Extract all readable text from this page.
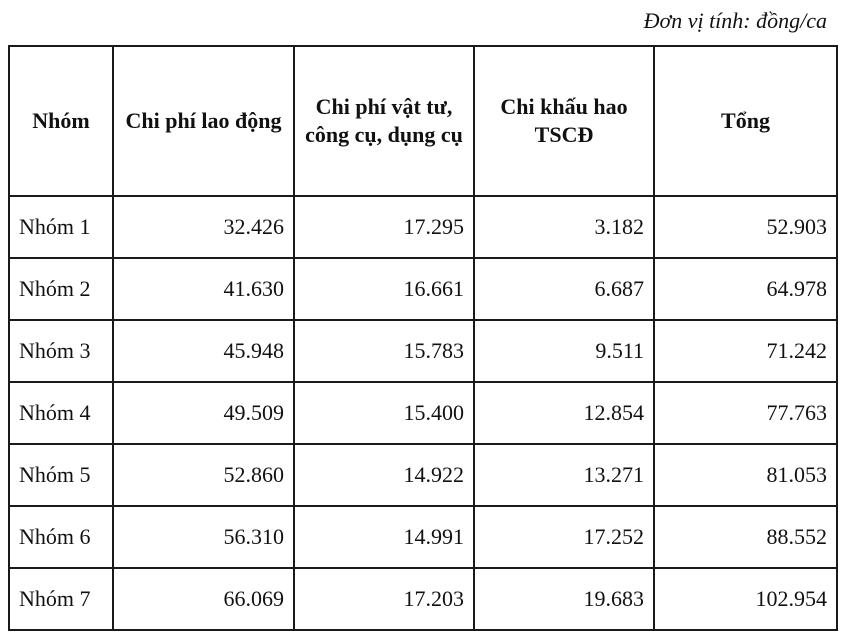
Đơn vị tính: đồng/ca
Nhóm	Chi phí lao động	Chi phí vật tư, công cụ, dụng cụ	Chi khấu hao TSCĐ	Tổng
Nhóm 1	32.426	17.295	3.182	52.903
Nhóm 2	41.630	16.661	6.687	64.978
Nhóm 3	45.948	15.783	9.511	71.242
Nhóm 4	49.509	15.400	12.854	77.763
Nhóm 5	52.860	14.922	13.271	81.053
Nhóm 6	56.310	14.991	17.252	88.552
Nhóm 7	66.069	17.203	19.683	102.954
